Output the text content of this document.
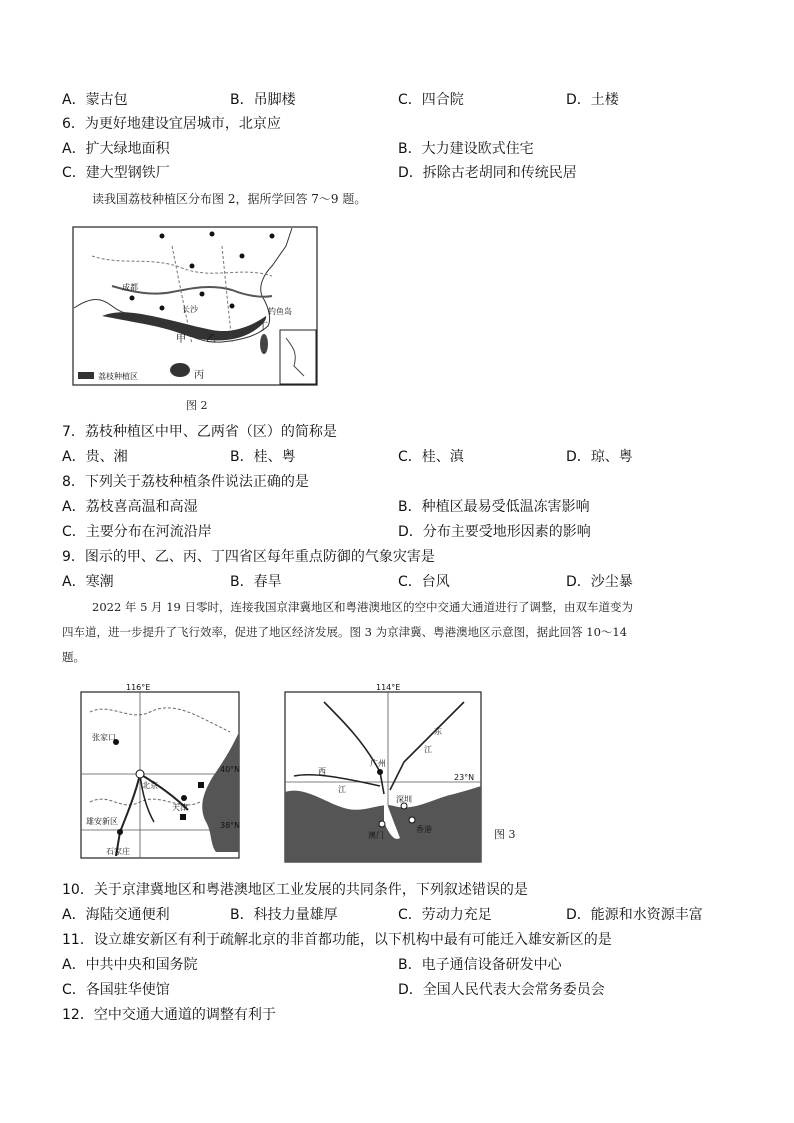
A．蒙古包	B．吊脚楼	C．四合院	D．土楼
6．为更好地建设宜居城市，北京应
A．扩大绿地面积	B．大力建设欧式住宅
C．建大型钢铁厂	D．拆除古老胡同和传统民居
读我国荔枝种植区分布图 2，据所学回答 7～9 题。
成都
长沙
甲 乙
丙
丁
钓鱼岛
荔枝种植区
图 2
7．荔枝种植区中甲、乙两省（区）的简称是
A．贵、湘	B．桂、粤	C．桂、滇	D．琼、粤
8．下列关于荔枝种植条件说法正确的是
A．荔枝喜高温和高湿	B．种植区最易受低温冻害影响
C．主要分布在河流沿岸	D．分布主要受地形因素的影响
9．图示的甲、乙、丙、丁四省区每年重点防御的气象灾害是
A．寒潮	B．春旱	C．台风	D．沙尘暴
2022 年 5 月 19 日零时，连接我国京津冀地区和粤港澳地区的空中交通大通道进行了调整，由双车道变为
四车道，进一步提升了飞行效率，促进了地区经济发展。图 3 为京津冀、粤港澳地区示意图，据此回答 10～14
题。
116°E
张家口
北京
40°N
雄安新区
天津
38°N
石家庄
114°E
广州
东
江
西
江
23°N
深圳
香港
澳门	图 3
10．关于京津冀地区和粤港澳地区工业发展的共同条件，下列叙述错误的是
A．海陆交通便利	B．科技力量雄厚	C．劳动力充足	D．能源和水资源丰富
11．设立雄安新区有利于疏解北京的非首都功能，以下机构中最有可能迁入雄安新区的是
A．中共中央和国务院	B．电子通信设备研发中心
C．各国驻华使馆	D．全国人民代表大会常务委员会
12．空中交通大通道的调整有利于
